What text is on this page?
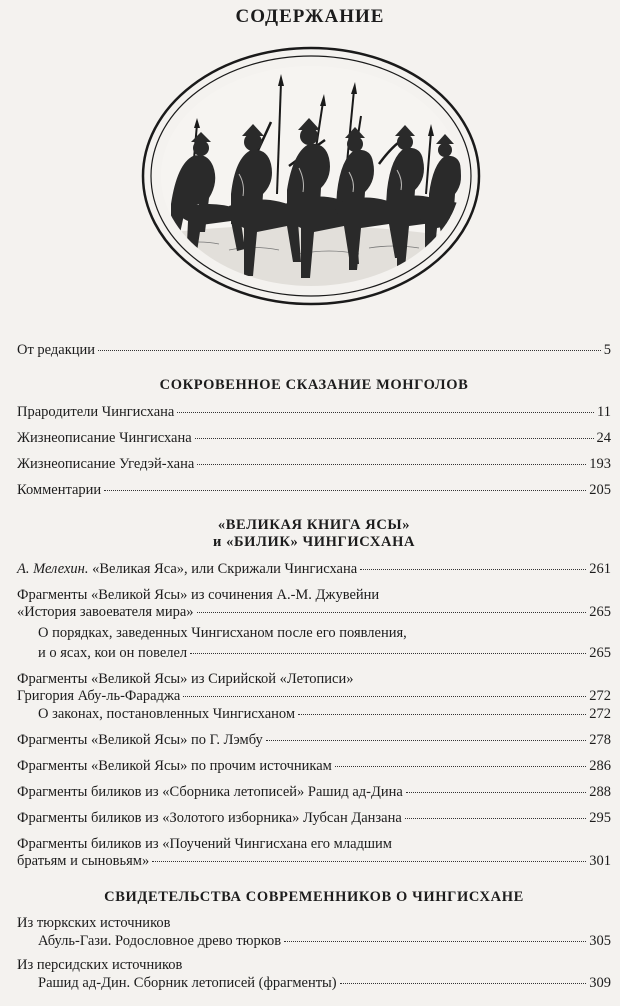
СОДЕРЖАНИЕ
От редакции	5
СОКРОВЕННОЕ СКАЗАНИЕ МОНГОЛОВ
Прародители Чингисхана	11
Жизнеописание Чингисхана	24
Жизнеописание Угедэй-хана	193
Комментарии	205
«ВЕЛИКАЯ КНИГА ЯСЫ»
и «БИЛИК» ЧИНГИСХАНА
А. Мелехин. «Великая Яса», или Скрижали Чингисхана	261
Фрагменты «Великой Ясы» из сочинения А.-М. Джувейни
«История завоевателя мира»	265
О порядках, заведенных Чингисханом после его появления,
и о ясах, кои он повелел	265
Фрагменты «Великой Ясы» из Сирийской «Летописи»
Григория Абу-ль-Фараджа	272
О законах, постановленных Чингисханом	272
Фрагменты «Великой Ясы» по Г. Лэмбу	278
Фрагменты «Великой Ясы» по прочим источникам	286
Фрагменты биликов из «Сборника летописей» Рашид ад-Дина	288
Фрагменты биликов из «Золотого изборника» Лубсан Данзана	295
Фрагменты биликов из «Поучений Чингисхана его младшим
братьям и сыновьям»	301
СВИДЕТЕЛЬСТВА СОВРЕМЕННИКОВ О ЧИНГИСХАНЕ
Из тюркских источников
Абуль-Гази. Родословное древо тюрков	305
Из персидских источников
Рашид ад-Дин. Сборник летописей (фрагменты)	309
